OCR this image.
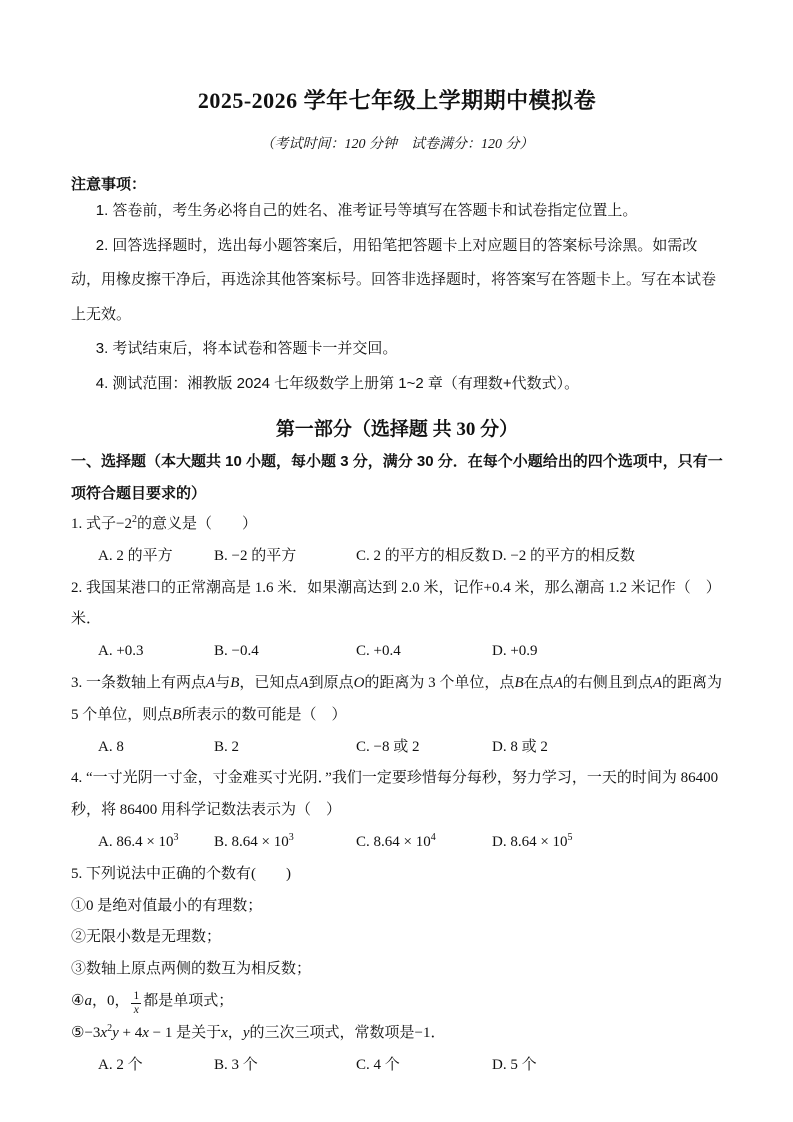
2025-2026 学年七年级上学期期中模拟卷
（考试时间：120 分钟　试卷满分：120 分）
注意事项：

1. 答卷前，考生务必将自己的姓名、准考证号等填写在答题卡和试卷指定位置上。

2. 回答选择题时，选出每小题答案后，用铅笔把答题卡上对应题目的答案标号涂黑。如需改动，用橡皮擦干净后，再选涂其他答案标号。回答非选择题时，将答案写在答题卡上。写在本试卷上无效。

3. 考试结束后，将本试卷和答题卡一并交回。

4. 测试范围：湘教版 2024 七年级数学上册第 1~2 章（有理数+代数式）。

第一部分（选择题 共 30 分）

一、选择题（本大题共 10 小题，每小题 3 分，满分 30 分．在每个小题给出的四个选项中，只有一项符合题目要求的）

1. 式子$-2^2$的意义是（　　）

A. 2 的平方	B. −2 的平方	C. 2 的平方的相反数 D. −2 的平方的相反数

2. 我国某港口的正常潮高是 1.6 米．如果潮高达到 2.0 米，记作+0.4 米，那么潮高 1.2 米记作（　）米．

A. +0.3	B. −0.4	C. +0.4	D. +0.9

3. 一条数轴上有两点A与B，已知点A到原点O的距离为 3 个单位，点B在点A的右侧且到点A的距离为 5 个单位，则点B所表示的数可能是（　）

A. 8	B. 2	C. −8 或 2	D. 8 或 2

4. “一寸光阴一寸金，寸金难买寸光阴．”我们一定要珍惜每分每秒，努力学习，一天的时间为 86400 秒，将 86400 用科学记数法表示为（　）

A. $86.4 \times 10^3$	B. $8.64 \times 10^3$	C. $8.64 \times 10^4$	D. $8.64 \times 10^5$

5. 下列说法中正确的个数有(　　)

①0 是绝对值最小的有理数；

②无限小数是无理数；

③数轴上原点两侧的数互为相反数；

④a，0， $\frac{1}{x}$ 都是单项式；

$⑤-3x^2y + 4x - 1$ 是关于x，y的三次三项式，常数项是−1．

A. 2 个	B. 3 个	C. 4 个	D. 5 个
